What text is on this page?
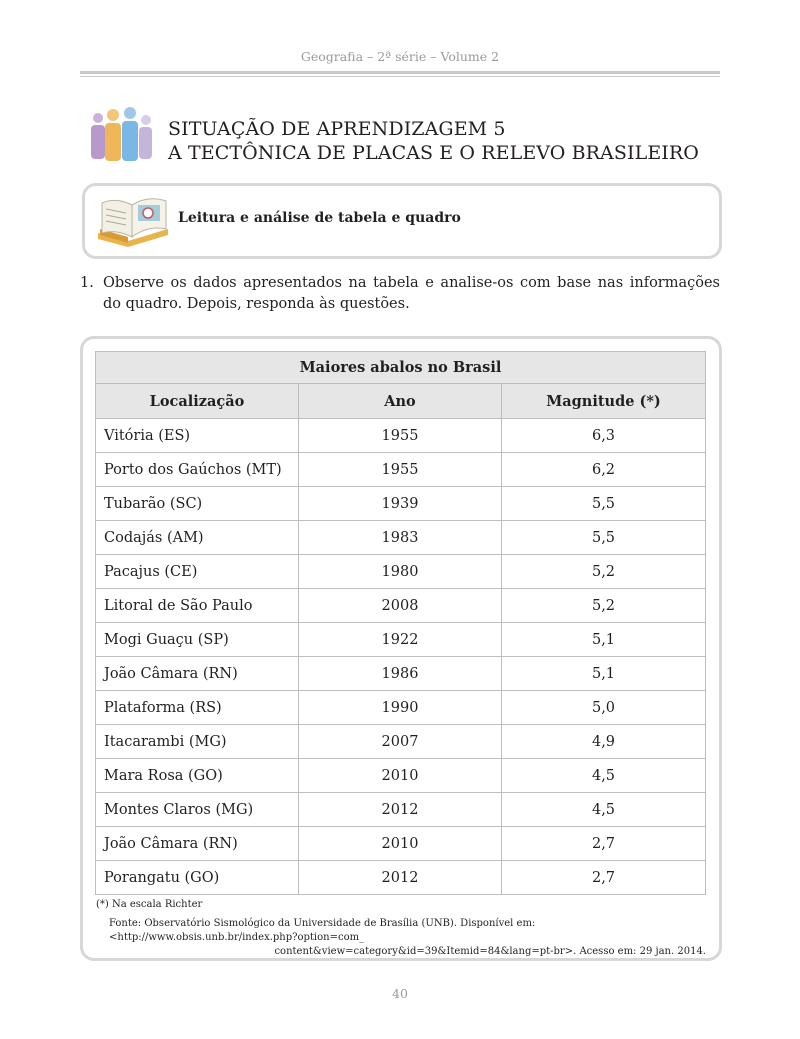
Geografia – 2ª série – Volume 2
SITUAÇÃO DE APRENDIZAGEM 5
A TECTÔNICA DE PLACAS E O RELEVO BRASILEIRO
Leitura e análise de tabela e quadro
1. Observe os dados apresentados na tabela e analise-os com base nas informações do quadro. Depois, responda às questões.
Maiores abalos no Brasil		
Localização	Ano	Magnitude (*)
Vitória (ES)	1955	6,3
Porto dos Gaúchos (MT)	1955	6,2
Tubarão (SC)	1939	5,5
Codajás (AM)	1983	5,5
Pacajus (CE)	1980	5,2
Litoral de São Paulo	2008	5,2
Mogi Guaçu (SP)	1922	5,1
João Câmara (RN)	1986	5,1
Plataforma (RS)	1990	5,0
Itacarambi (MG)	2007	4,9
Mara Rosa (GO)	2010	4,5
Montes Claros (MG)	2012	4,5
João Câmara (RN)	2010	2,7
Porangatu (GO)	2012	2,7
(*) Na escala Richter
Fonte: Observatório Sismológico da Universidade de Brasília (UNB). Disponível em: <http://www.obsis.unb.br/index.php?option=com_
content&view=category&id=39&Itemid=84&lang=pt-br>. Acesso em: 29 jan. 2014.
40
